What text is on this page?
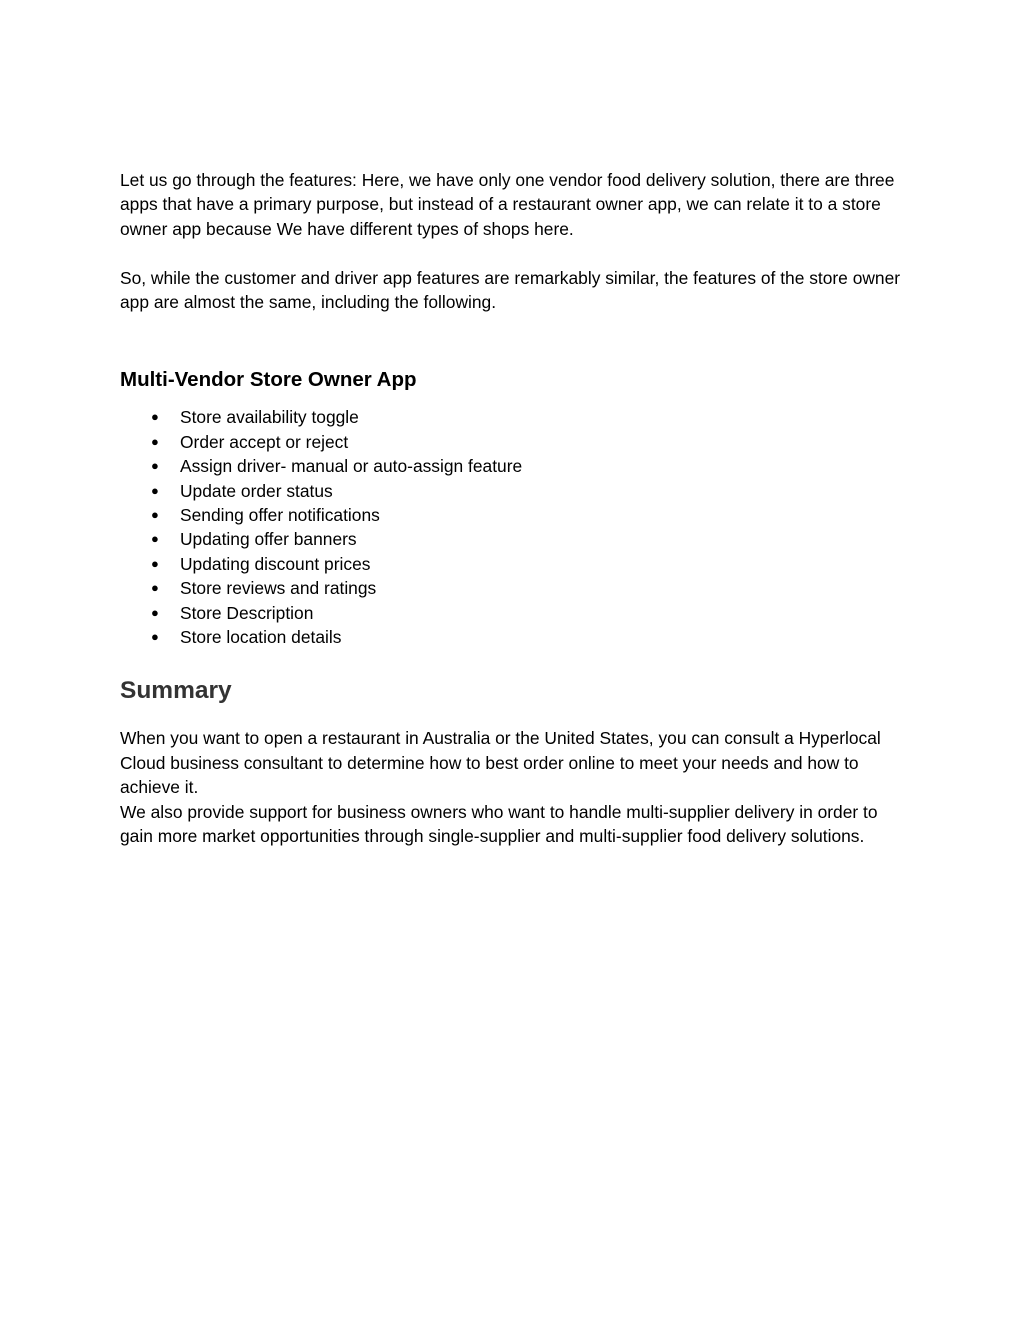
Let us go through the features: Here, we have only one vendor food delivery solution, there are three apps that have a primary purpose, but instead of a restaurant owner app, we can relate it to a store owner app because We have different types of shops here.

So, while the customer and driver app features are remarkably similar, the features of the store owner app are almost the same, including the following.

Multi-Vendor Store Owner App
● Store availability toggle
● Order accept or reject
● Assign driver- manual or auto-assign feature
● Update order status
● Sending offer notifications
● Updating offer banners
● Updating discount prices
● Store reviews and ratings
● Store Description
● Store location details
Summary

When you want to open a restaurant in Australia or the United States, you can consult a Hyperlocal Cloud business consultant to determine how to best order online to meet your needs and how to achieve it.

We also provide support for business owners who want to handle multi-supplier delivery in order to gain more market opportunities through single-supplier and multi-supplier food delivery solutions.
